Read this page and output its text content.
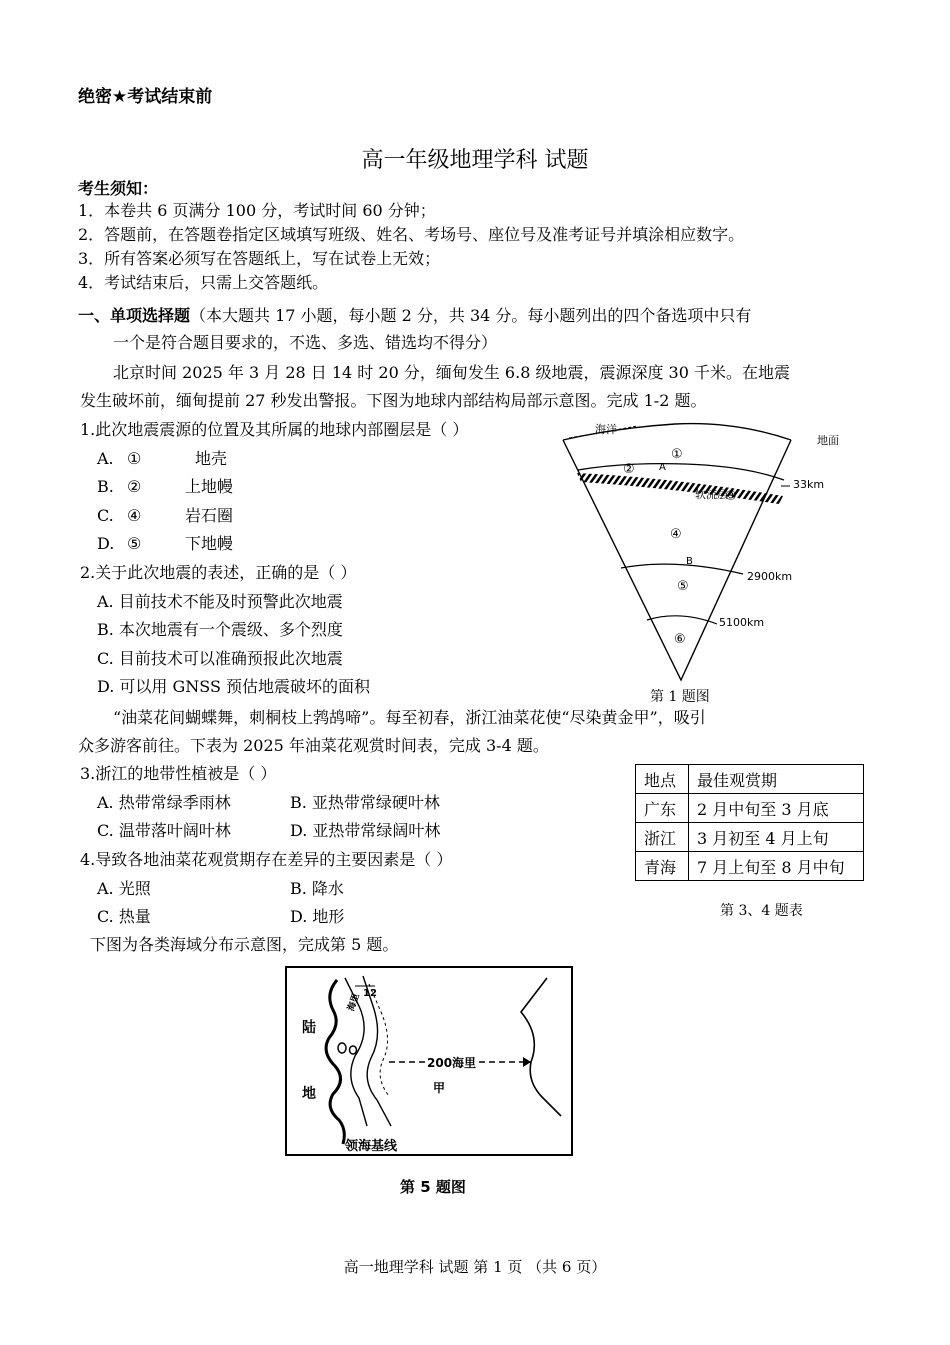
绝密★考试结束前
高一年级地理学科 试题
考生须知：
1．本卷共 6 页满分 100 分，考试时间 60 分钟；
2．答题前，在答题卷指定区域填写班级、姓名、考场号、座位号及准考证号并填涂相应数字。
3．所有答案必须写在答题纸上，写在试卷上无效；
4．考试结束后，只需上交答题纸。
一、单项选择题（本大题共 17 小题，每小题 2 分，共 34 分。每小题列出的四个备选项中只有
一个是符合题目要求的，不选、多选、错选均不得分）
北京时间 2025 年 3 月 28 日 14 时 20 分，缅甸发生 6.8 级地震，震源深度 30 千米。在地震
发生破坏前，缅甸提前 27 秒发出警报。下图为地球内部结构局部示意图。完成 1-2 题。
1.此次地震震源的位置及其所属的地球内部圈层是（ ）
A. ①	地壳

B. ②	上地幔

C. ④	岩石圈

D. ⑤	下地幔

2.关于此次地震的表述，正确的是（ ）
A. 目前技术不能及时预警此次地震
B. 本次地震有一个震级、多个烈度
C. 目前技术可以准确预报此次地震
D. 可以用 GNSS 预估地震破坏的面积
海洋
地面
①
② A
软流层
③
33km
④
B
⑤
2900km
5100km
⑥
第 1 题图
“油菜花间蝴蝶舞，刺桐枝上鹁鸪啼”。每至初春，浙江油菜花使“尽染黄金甲”，吸引
众多游客前往。下表为 2025 年油菜花观赏时间表，完成 3-4 题。
3.浙江的地带性植被是（ ）
A. 热带常绿季雨林	B. 亚热带常绿硬叶林
C. 温带落叶阔叶林	D. 亚热带常绿阔叶林
4.导致各地油菜花观赏期存在差异的主要因素是（ ）
A. 光照	B. 降水
C. 热量	D. 地形
地点	最佳观赏期
广东	2 月中旬至 3 月底
浙江	3 月初至 4 月上旬
青海	7 月上旬至 8 月中旬
第 3、4 题表
下图为各类海域分布示意图，完成第 5 题。
陆
地
12
海里
200海里
甲
领海基线
第 5 题图
高一地理学科 试题 第 1 页 （共 6 页）
